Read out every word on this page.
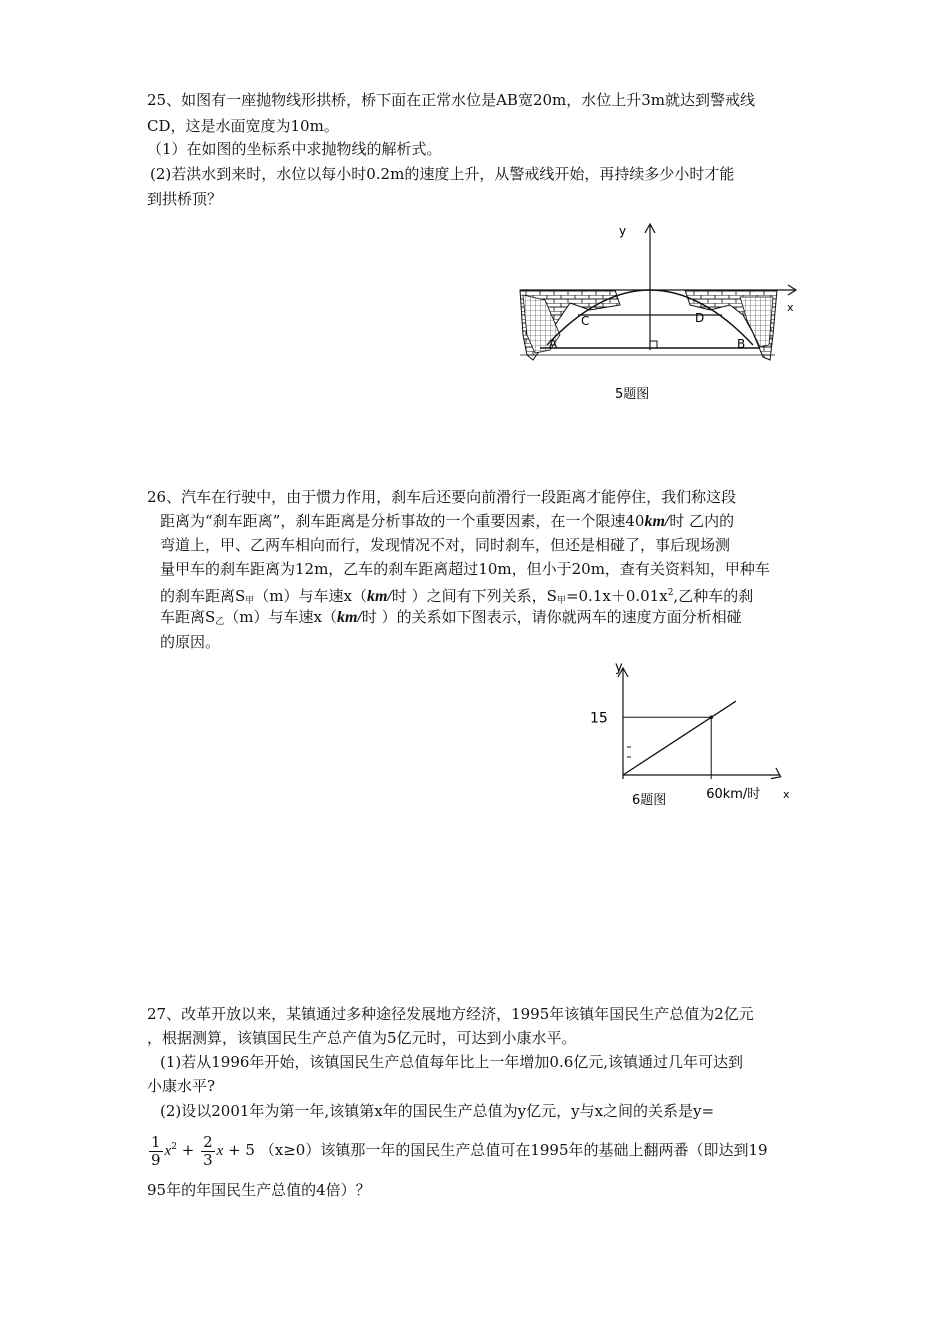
25、如图有一座抛物线形拱桥，桥下面在正常水位是AB宽20m，水位上升3m就达到警戒线
CD，这是水面宽度为10m。
（1）在如图的坐标系中求抛物线的解析式。
(2)若洪水到来时，水位以每小时0.2m的速度上升，从警戒线开始，再持续多少小时才能
到拱桥顶？
y
x
C	D
A	B
5题图
26、汽车在行驶中，由于惯力作用，刹车后还要向前滑行一段距离才能停住，我们称这段
距离为“刹车距离”，刹车距离是分析事故的一个重要因素，在一个限速40km/时 乙内的
弯道上，甲、乙两车相向而行，发现情况不对，同时刹车，但还是相碰了，事后现场测
量甲车的刹车距离为12m，乙车的刹车距离超过10m，但小于20m，查有关资料知，甲种车
的刹车距离$S_甲(m)$与车速x（km/时 ）之间有下列关系，$S_甲=0.1x+0.01x^2$,乙种车的刹
车距离$S_乙(m)$与车速x（km/时 ）的关系如下图表示，请你就两车的速度方面分析相碰
的原因。
y
x
15
60km/时
6题图
27、改革开放以来，某镇通过多种途径发展地方经济，1995年该镇年国民生产总值为2亿元
，根据测算，该镇国民生产总产值为5亿元时，可达到小康水平。
(1)若从1996年开始，该镇国民生产总值每年比上一年增加0.6亿元,该镇通过几年可达到
小康水平?
(2)设以2001年为第一年,该镇第x年的国民生产总值为y亿元，y与x之间的关系是y=
$\frac{1}{9} x^2 + \frac{2}{3}$ x + 5 （x≥0）该镇那一年的国民生产总值可在1995年的基础上翻两番（即达到19
95年的年国民生产总值的4倍）？
